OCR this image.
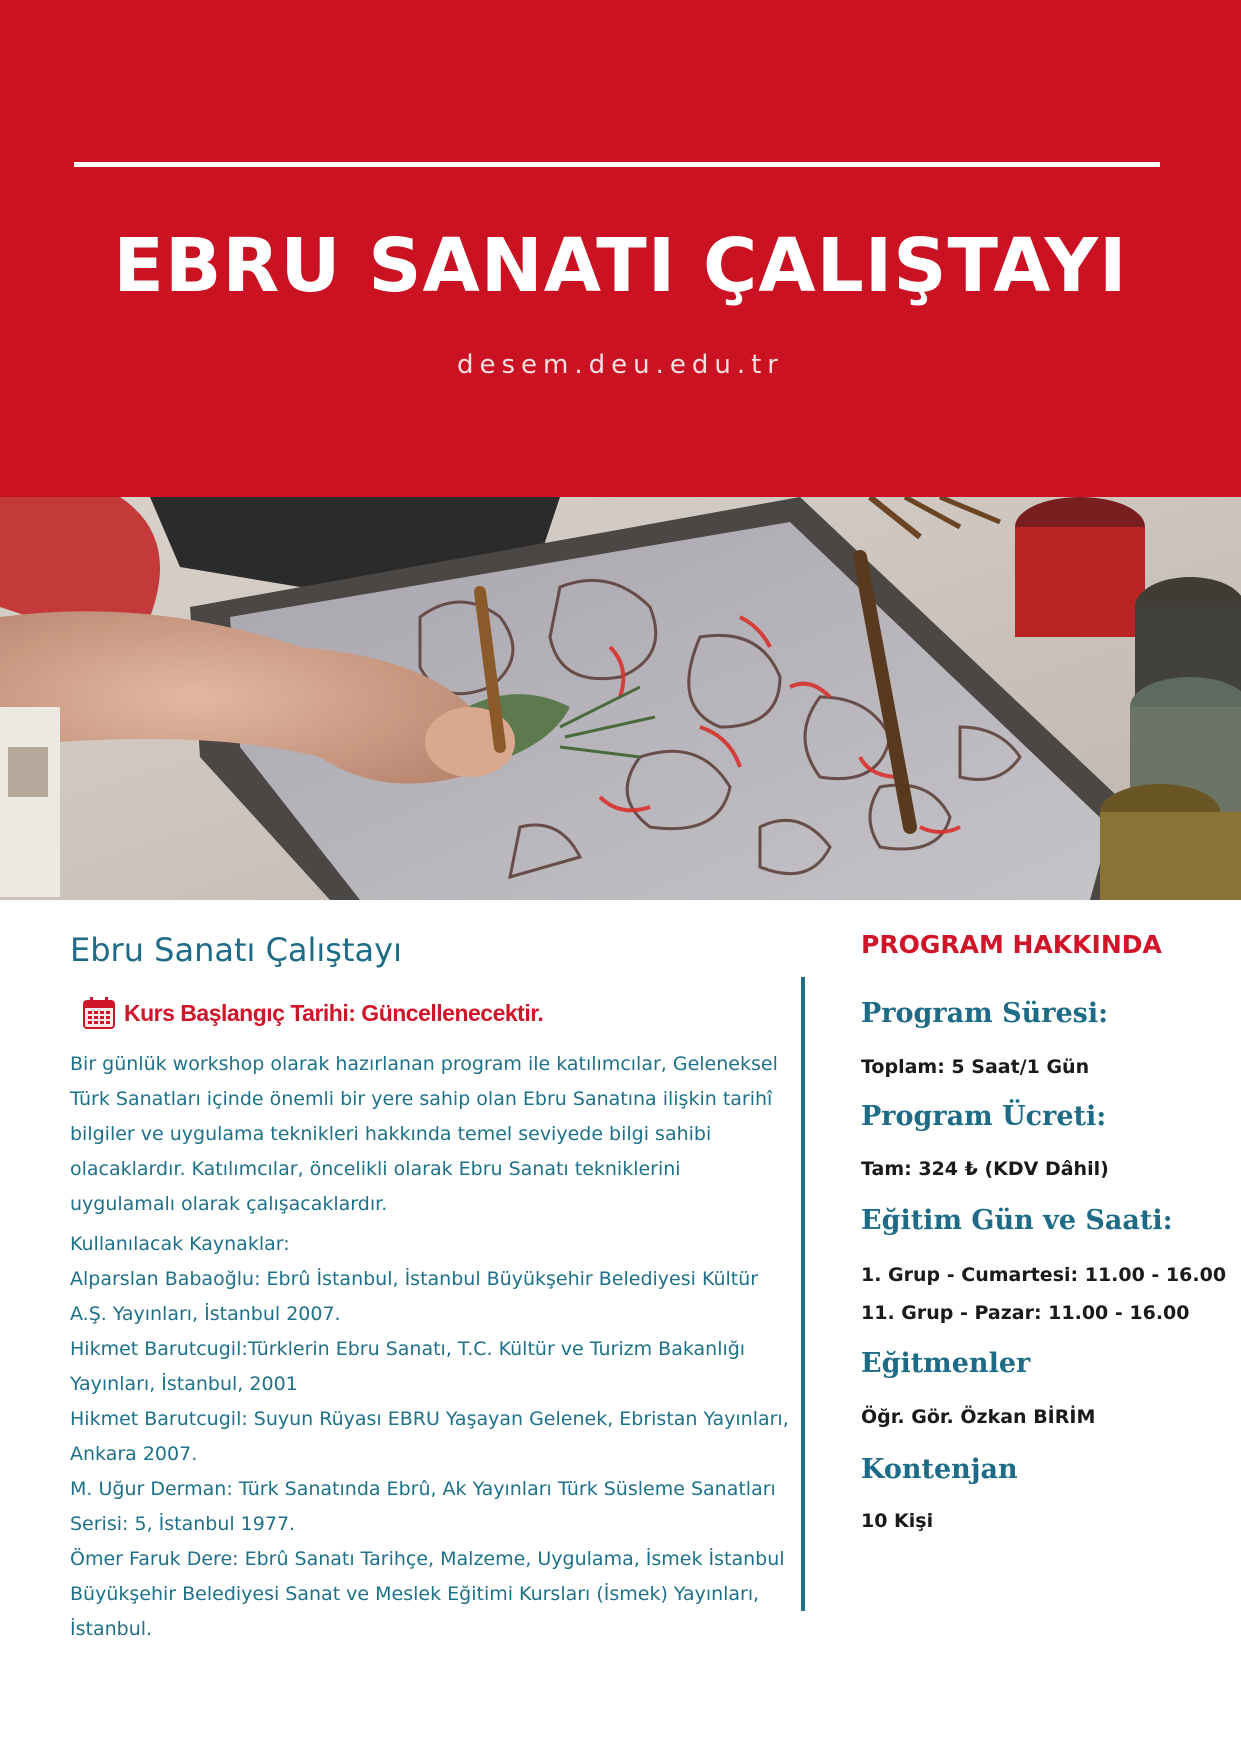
EBRU SANATI ÇALIŞTAYI
desem.deu.edu.tr
Ebru Sanatı Çalıştayı
Kurs Başlangıç Tarihi: Güncellenecektir.

Bir günlük workshop olarak hazırlanan program ile katılımcılar, Geleneksel Türk Sanatları içinde önemli bir yere sahip olan Ebru Sanatına ilişkin tarihî bilgiler ve uygulama teknikleri hakkında temel seviyede bilgi sahibi olacaklardır. Katılımcılar, öncelikli olarak Ebru Sanatı tekniklerini uygulamalı olarak çalışacaklardır.

Kullanılacak Kaynaklar:
Alparslan Babaoğlu: Ebrû İstanbul, İstanbul Büyükşehir Belediyesi Kültür A.Ş. Yayınları, İstanbul 2007.
Hikmet Barutcugil:Türklerin Ebru Sanatı, T.C. Kültür ve Turizm Bakanlığı Yayınları, İstanbul, 2001
Hikmet Barutcugil: Suyun Rüyası EBRU Yaşayan Gelenek, Ebristan Yayınları, Ankara 2007.
M. Uğur Derman: Türk Sanatında Ebrû, Ak Yayınları Türk Süsleme Sanatları Serisi: 5, İstanbul 1977.
Ömer Faruk Dere: Ebrû Sanatı Tarihçe, Malzeme, Uygulama, İsmek İstanbul Büyükşehir Belediyesi Sanat ve Meslek Eğitimi Kursları (İsmek) Yayınları, İstanbul.
PROGRAM HAKKINDA
Program Süresi:
Toplam: 5 Saat/1 Gün
Program Ücreti:
Tam: 324 ₺ (KDV Dâhil)
Eğitim Gün ve Saati:
1. Grup - Cumartesi: 11.00 - 16.00
11. Grup - Pazar: 11.00 - 16.00
Eğitmenler
Öğr. Gör. Özkan BİRİM
Kontenjan
10 Kişi
